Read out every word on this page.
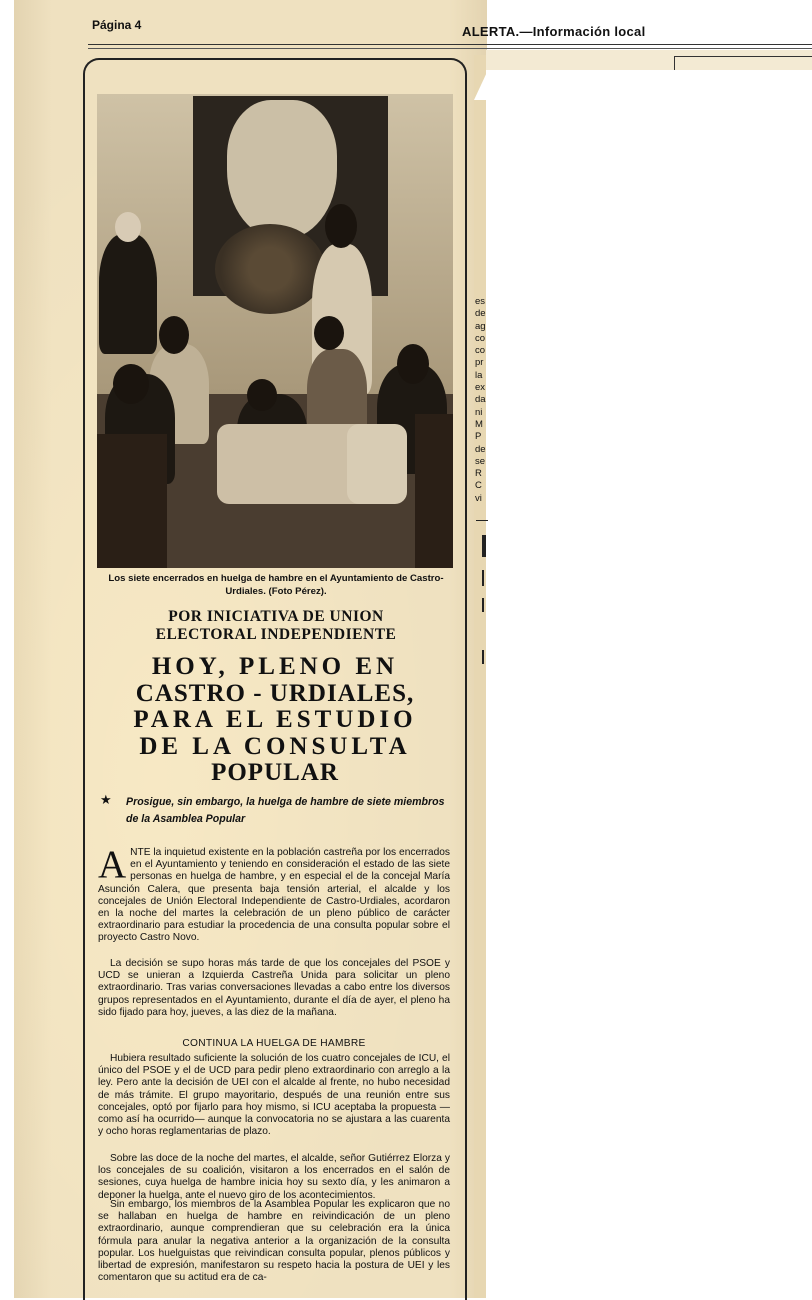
Página 4	ALERTA.—Información local
Los siete encerrados en huelga de hambre en el Ayuntamiento de Castro-Urdiales. (Foto Pérez).
POR INICIATIVA DE UNION
ELECTORAL INDEPENDIENTE
HOY, PLENO EN
CASTRO - URDIALES,
PARA EL ESTUDIO
DE LA CONSULTA
POPULAR
★ Prosigue, sin embargo, la huelga de hambre de siete miembros de la Asamblea Popular
ANTE la inquietud existente en la población castreña por los encerrados en el Ayuntamiento y teniendo en consideración el estado de las siete personas en huelga de hambre, y en especial el de la concejal María Asunción Calera, que presenta baja tensión arterial, el alcalde y los concejales de Unión Electoral Independiente de Castro-Urdiales, acordaron en la noche del martes la celebración de un pleno público de carácter extraordinario para estudiar la procedencia de una consulta popular sobre el proyecto Castro Novo.
La decisión se supo horas más tarde de que los concejales del PSOE y UCD se unieran a Izquierda Castreña Unida para solicitar un pleno extraordinario. Tras varias conversaciones llevadas a cabo entre los diversos grupos representados en el Ayuntamiento, durante el día de ayer, el pleno ha sido fijado para hoy, jueves, a las diez de la mañana.
CONTINUA LA HUELGA DE HAMBRE
Hubiera resultado suficiente la solución de los cuatro concejales de ICU, el único del PSOE y el de UCD para pedir pleno extraordinario con arreglo a la ley. Pero ante la decisión de UEI con el alcalde al frente, no hubo necesidad de más trámite. El grupo mayoritario, después de una reunión entre sus concejales, optó por fijarlo para hoy mismo, si ICU aceptaba la propuesta —como así ha ocurrido— aunque la convocatoria no se ajustara a las cuarenta y ocho horas reglamentarias de plazo.
Sobre las doce de la noche del martes, el alcalde, señor Gutiérrez Elorza y los concejales de su coalición, visitaron a los encerrados en el salón de sesiones, cuya huelga de hambre inicia hoy su sexto día, y les animaron a deponer la huelga, ante el nuevo giro de los acontecimientos.
Sin embargo, los miembros de la Asamblea Popular les explicaron que no se hallaban en huelga de hambre en reivindicación de un pleno extraordinario, aunque comprendieran que su celebración era la única fórmula para anular la negativa anterior a la organización de la consulta popular. Los huelguistas que reivindican consulta popular, plenos públicos y libertad de expresión, manifestaron su respeto hacia la postura de UEI y les comentaron que su actitud era de ca-
es
de
ag
co
co
pr
la
ex
da
ni
M
P
de
se
R
C
vi
